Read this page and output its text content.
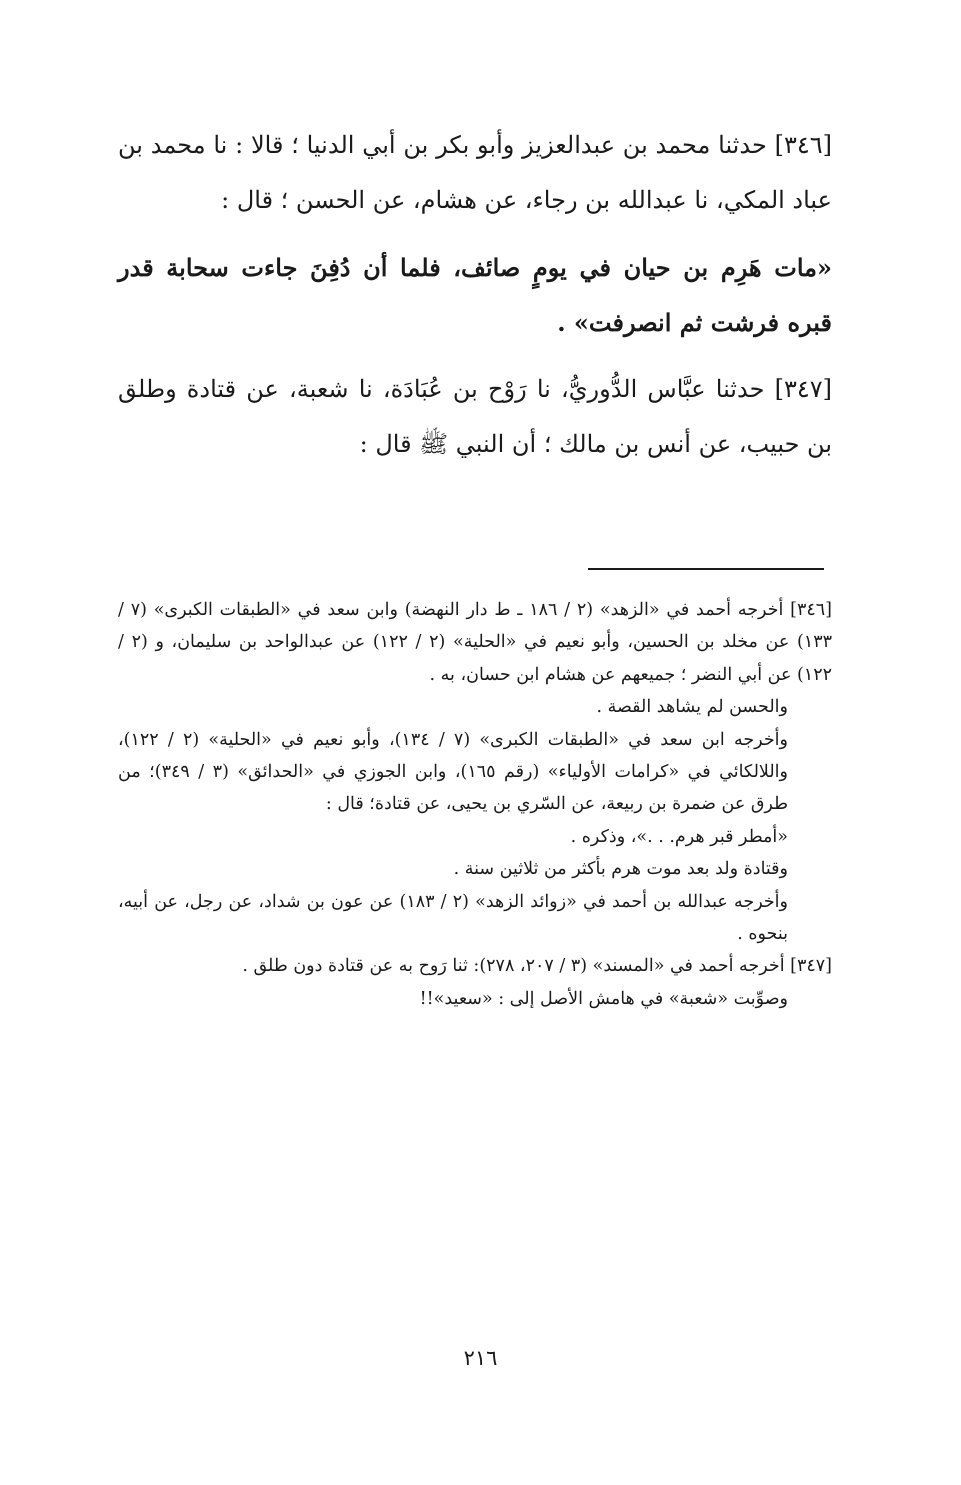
[٣٤٦] حدثنا محمد بن عبدالعزيز وأبو بكر بن أبي الدنيا ؛ قالا : نا محمد بن عباد المكي، نا عبدالله بن رجاء، عن هشام، عن الحسن ؛ قال :

«مات هَرِم بن حيان في يومٍ صائف، فلما أن دُفِنَ جاءت سحابة قدر قبره فرشت ثم انصرفت» .

[٣٤٧] حدثنا عبَّاس الدُّوريُّ، نا رَوْح بن عُبَادَة، نا شعبة، عن قتادة وطلق بن حبيب، عن أنس بن مالك ؛ أن النبي ﷺ قال :

[٣٤٦] أخرجه أحمد في «الزهد» (٢ / ١٨٦ ـ ط دار النهضة) وابن سعد في «الطبقات الكبرى» (٧ / ١٣٣) عن مخلد بن الحسين، وأبو نعيم في «الحلية» (٢ / ١٢٢) عن عبدالواحد بن سليمان، و (٢ / ١٢٢) عن أبي النضر ؛ جميعهم عن هشام ابن حسان، به .

والحسن لم يشاهد القصة .

وأخرجه ابن سعد في «الطبقات الكبرى» (٧ / ١٣٤)، وأبو نعيم في «الحلية» (٢ / ١٢٢)، واللالكائي في «كرامات الأولياء» (رقم ١٦٥)، وابن الجوزي في «الحدائق» (٣ / ٣٤٩)؛ من طرق عن ضمرة بن ربيعة، عن السّري بن يحيى، عن قتادة؛ قال :

«أمطر قبر هرم. . .»، وذكره .

وقتادة ولد بعد موت هرم بأكثر من ثلاثين سنة .

وأخرجه عبدالله بن أحمد في «زوائد الزهد» (٢ / ١٨٣) عن عون بن شداد، عن رجل، عن أبيه، بنحوه .

[٣٤٧] أخرجه أحمد في «المسند» (٣ / ٢٠٧، ٢٧٨): ثنا رَوح به عن قتادة دون طلق .

وصوِّبت «شعبة» في هامش الأصل إلى : «سعيد»!!

٢١٦
